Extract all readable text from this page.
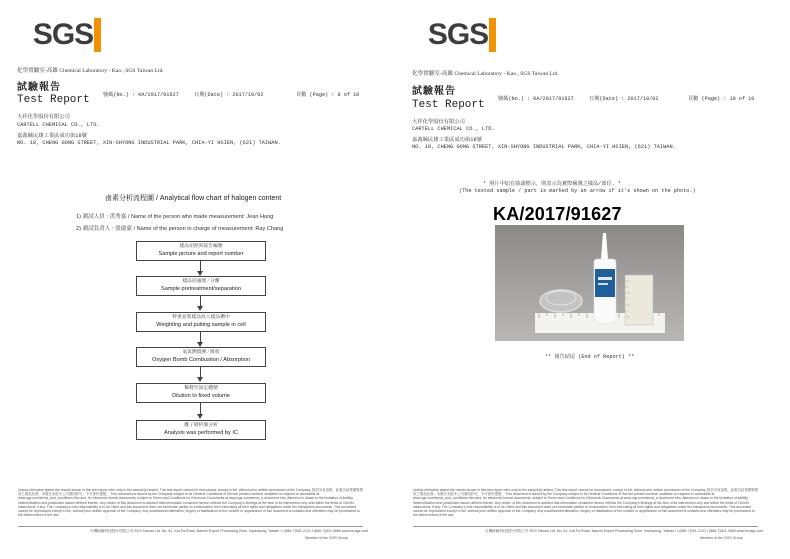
SGS
化學實驗室-高雄 Chemical Laboratory - Kao., SGS Taiwan Ltd.
試驗報告
Test Report	號碼(No.) : KA/2017/91627	日期(Date) : 2017/10/02	頁數 (Page) : 8 of 10
大祥化學股份有限公司
CARTELL CHEMICAL CO., LTD.
嘉義縣民雄工業區成功街18號
NO. 18, CHENG GONG STREET, XIN-SHYONG INDUSTRIAL PARK, CHIA-YI HSIEN, (621) TAIWAN.
鹵素分析流程圖 / Analytical flow chart of halogen content
1) 測試人員 : 洪秀嘉 / Name of the person who made measurement: Jean Hung
2) 測試負責人 : 張啟豪 / Name of the person in charge of measurement: Ray Chang
樣品拍照與報告編號
Sample picture and report number
樣品前處理 / 分離
Sample pretreatment/separation
秤重並將樣品放入樣品槽中
Weighting and putting sample in cell
氧氣燃燒彈 / 吸收
Oxygen Bomb Combustion / Absorption
稀釋至固定體積
Dilution to fixed volume
離子層析儀分析
Analysis was performed by IC
Unless otherwise stated the results shown in this test report refer only to the sample(s) tested. This test report cannot be reproduced, except in full, without prior written permission of the Company. 除非另有說明，此報告結果僅對測試之樣品負責。本報告未經本公司書面許可，不可部份複製。 This document is issued by the Company subject to its General Conditions of Service printed overleaf, available on request or accessible at www.sgs.com/terms_and_conditions.htm and, for electronic format documents, subject to Terms and Conditions for Electronic Documents at www.sgs.com/terms_e-document.htm. Attention is drawn to the limitation of liability, indemnification and jurisdiction issues defined therein. Any holder of this document is advised that information contained hereon reflects the Company's findings at the time of its intervention only and within the limits of Client's instructions, if any. The Company's sole responsibility is to its Client and this document does not exonerate parties to a transaction from exercising all their rights and obligations under the transaction documents. This document cannot be reproduced except in full, without prior written approval of the Company. Any unauthorized alteration, forgery or falsification of the content or appearance of this document is unlawful and offenders may be prosecuted to the fullest extent of the law.
台灣檢驗科技股份有限公司 SGS Taiwan Ltd. No. 61, Kai-Fa Road, Nanzih Export Processing Zone, Kaohsiung, Taiwan / t (886-7)301-2121 f (886-7)301-0869 www.tw.sgs.com
Member of the SGS Group
SGS
化學實驗室-高雄 Chemical Laboratory - Kao., SGS Taiwan Ltd.
試驗報告
Test Report	號碼(No.) : KA/2017/91627	日期(Date) : 2017/10/02	頁數 (Page) : 10 of 10
大祥化學股份有限公司
CARTELL CHEMICAL CO., LTD.
嘉義縣民雄工業區成功街18號
NO. 18, CHENG GONG STREET, XIN-SHYONG INDUSTRIAL PARK, CHIA-YI HSIEN, (621) TAIWAN.
* 照片中如有箭頭標示，則表示為實際檢測之樣品/部位. *
(The tested sample / part is marked by an arrow if it's shown on the photo.)
KA/2017/91627
** 報告結尾 (End of Report) **
Unless otherwise stated the results shown in this test report refer only to the sample(s) tested. This test report cannot be reproduced, except in full, without prior written permission of the Company. 除非另有說明，此報告結果僅對測試之樣品負責。本報告未經本公司書面許可，不可部份複製。 This document is issued by the Company subject to its General Conditions of Service printed overleaf, available on request or accessible at www.sgs.com/terms_and_conditions.htm and, for electronic format documents, subject to Terms and Conditions for Electronic Documents at www.sgs.com/terms_e-document.htm. Attention is drawn to the limitation of liability, indemnification and jurisdiction issues defined therein. Any holder of this document is advised that information contained hereon reflects the Company's findings at the time of its intervention only and within the limits of Client's instructions, if any. The Company's sole responsibility is to its Client and this document does not exonerate parties to a transaction from exercising all their rights and obligations under the transaction documents. This document cannot be reproduced except in full, without prior written approval of the Company. Any unauthorized alteration, forgery or falsification of the content or appearance of this document is unlawful and offenders may be prosecuted to the fullest extent of the law.
台灣檢驗科技股份有限公司 SGS Taiwan Ltd. No. 61, Kai-Fa Road, Nanzih Export Processing Zone, Kaohsiung, Taiwan / t (886-7)301-2121 f (886-7)301-0869 www.tw.sgs.com
Member of the SGS Group
